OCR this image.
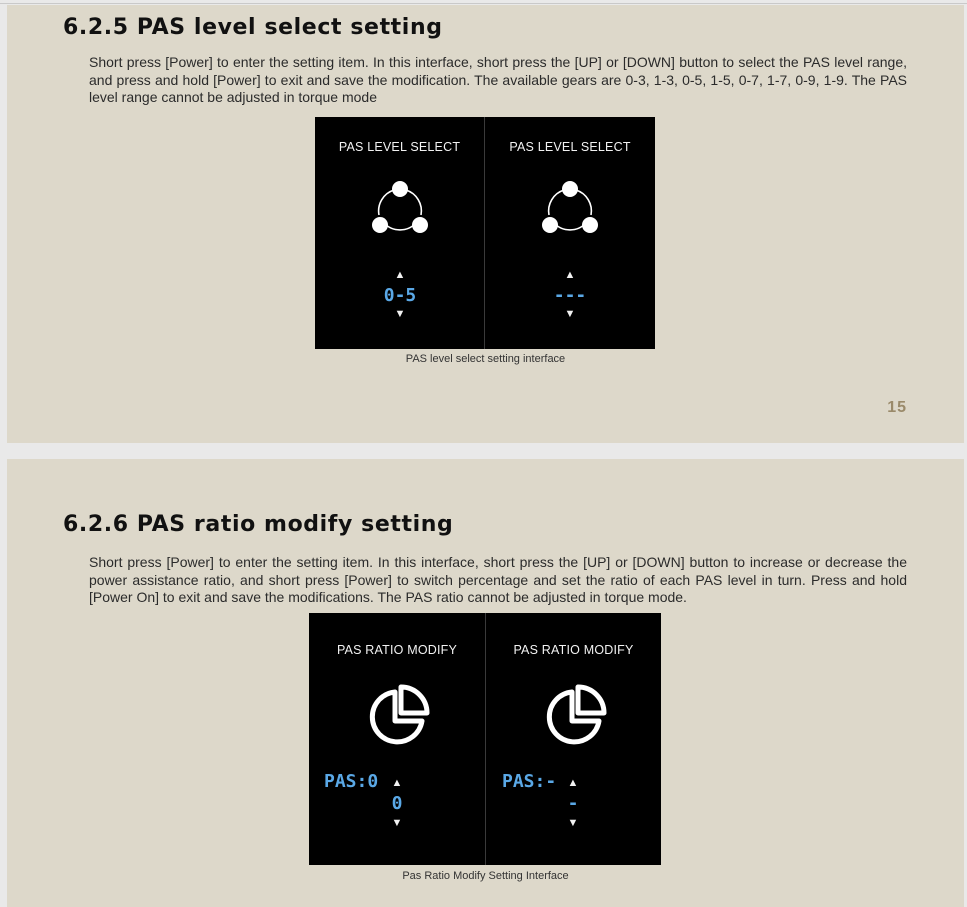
6.2.5 PAS level select setting

Short press [Power] to enter the setting item. In this interface, short press the [UP] or [DOWN] button to select the PAS level range, and press and hold [Power] to exit and save the modification. The available gears are 0-3, 1-3, 0-5, 1-5, 0-7, 1-7, 0-9, 1-9. The PAS level range cannot be adjusted in torque mode

PAS LEVEL SELECT
▲
0-5
▼
PAS LEVEL SELECT
▲
---
▼
PAS level select setting interface
15
6.2.6 PAS ratio modify setting

Short press [Power] to enter the setting item. In this interface, short press the [UP] or [DOWN] button to increase or decrease the power assistance ratio, and short press [Power] to switch percentage and set the ratio of each PAS level in turn. Press and hold [Power On] to exit and save the modifications. The PAS ratio cannot be adjusted in torque mode.

PAS RATIO MODIFY
PAS:0	▲
0
▼
PAS RATIO MODIFY
PAS:-	▲
-
▼
Pas Ratio Modify Setting Interface
